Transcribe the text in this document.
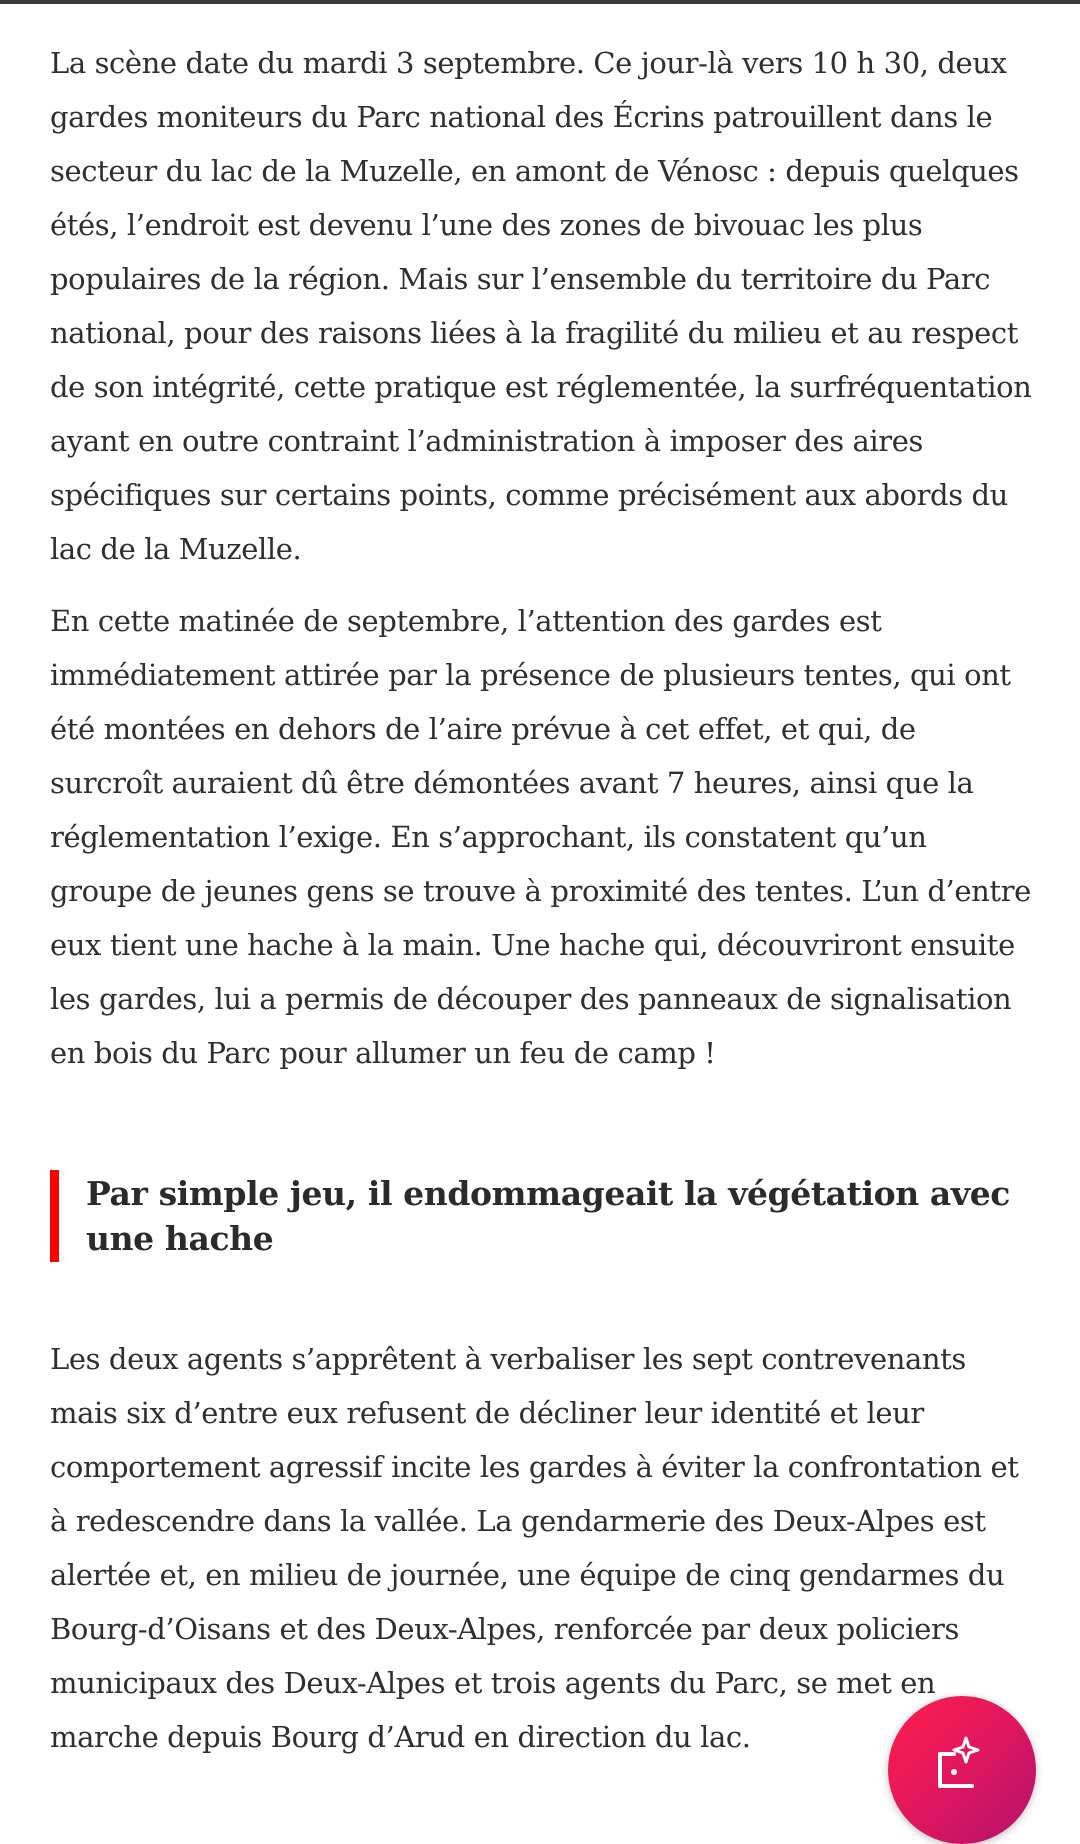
La scène date du mardi 3 septembre. Ce jour-là vers 10 h 30, deux gardes moniteurs du Parc national des Écrins patrouillent dans le secteur du lac de la Muzelle, en amont de Vénosc : depuis quelques étés, l’endroit est devenu l’une des zones de bivouac les plus populaires de la région. Mais sur l’ensemble du territoire du Parc national, pour des raisons liées à la fragilité du milieu et au respect de son intégrité, cette pratique est réglementée, la surfréquentation ayant en outre contraint l’administration à imposer des aires spécifiques sur certains points, comme précisément aux abords du lac de la Muzelle.

En cette matinée de septembre, l’attention des gardes est immédiatement attirée par la présence de plusieurs tentes, qui ont été montées en dehors de l’aire prévue à cet effet, et qui, de surcroît auraient dû être démontées avant 7 heures, ainsi que la réglementation l’exige. En s’approchant, ils constatent qu’un groupe de jeunes gens se trouve à proximité des tentes. L’un d’entre eux tient une hache à la main. Une hache qui, découvriront ensuite les gardes, lui a permis de découper des panneaux de signalisation en bois du Parc pour allumer un feu de camp !

Par simple jeu, il endommageait la végétation avec une hache

Les deux agents s’apprêtent à verbaliser les sept contrevenants mais six d’entre eux refusent de décliner leur identité et leur comportement agressif incite les gardes à éviter la confrontation et à redescendre dans la vallée. La gendarmerie des Deux-Alpes est alertée et, en milieu de journée, une équipe de cinq gendarmes du Bourg-d’Oisans et des Deux-Alpes, renforcée par deux policiers municipaux des Deux-Alpes et trois agents du Parc, se met en marche depuis Bourg d’Arud en direction du lac.
